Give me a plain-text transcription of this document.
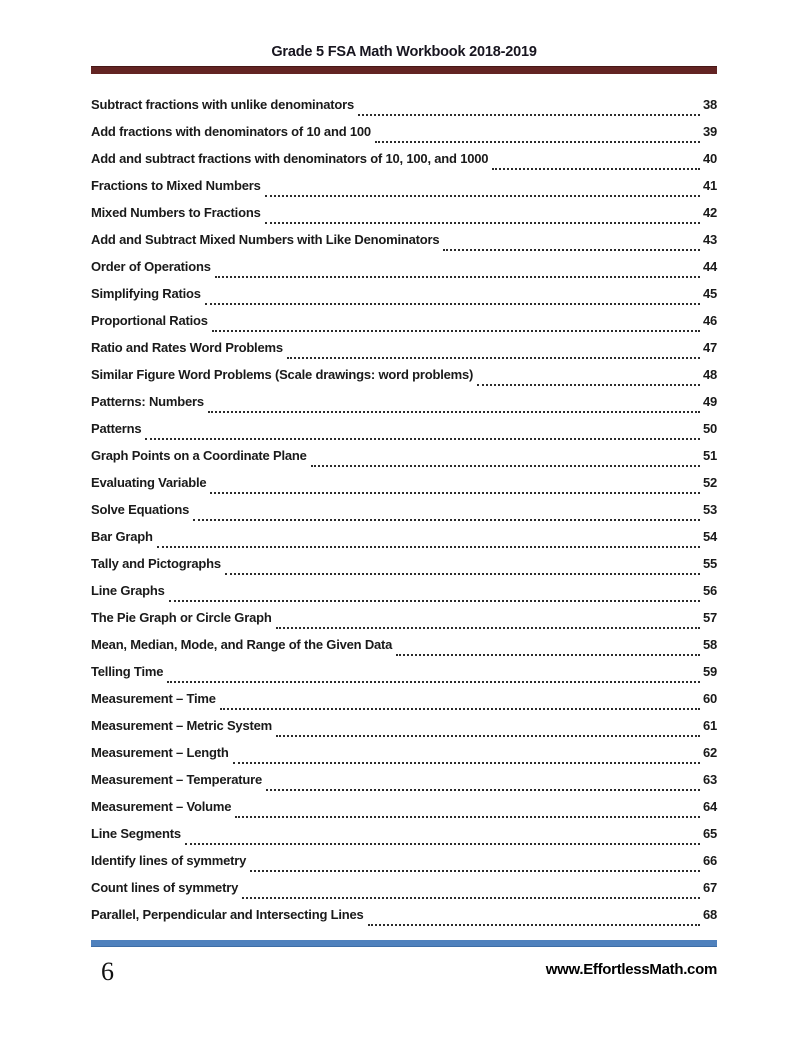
Grade 5 FSA Math Workbook 2018-2019
Subtract fractions with unlike denominators	38
Add fractions with denominators of 10 and 100	39
Add and subtract fractions with denominators of 10, 100, and 1000	40
Fractions to Mixed Numbers	41
Mixed Numbers to Fractions	42
Add and Subtract Mixed Numbers with Like Denominators	43
Order of Operations	44
Simplifying Ratios	45
Proportional Ratios	46
Ratio and Rates Word Problems	47
Similar Figure Word Problems (Scale drawings: word problems)	48
Patterns: Numbers	49
Patterns	50
Graph Points on a Coordinate Plane	51
Evaluating Variable	52
Solve Equations	53
Bar Graph	54
Tally and Pictographs	55
Line Graphs	56
The Pie Graph or Circle Graph	57
Mean, Median, Mode, and Range of the Given Data	58
Telling Time	59
Measurement – Time	60
Measurement – Metric System	61
Measurement – Length	62
Measurement – Temperature	63
Measurement – Volume	64
Line Segments	65
Identify lines of symmetry	66
Count lines of symmetry	67
Parallel, Perpendicular and Intersecting Lines	68
6	www.EffortlessMath.com
